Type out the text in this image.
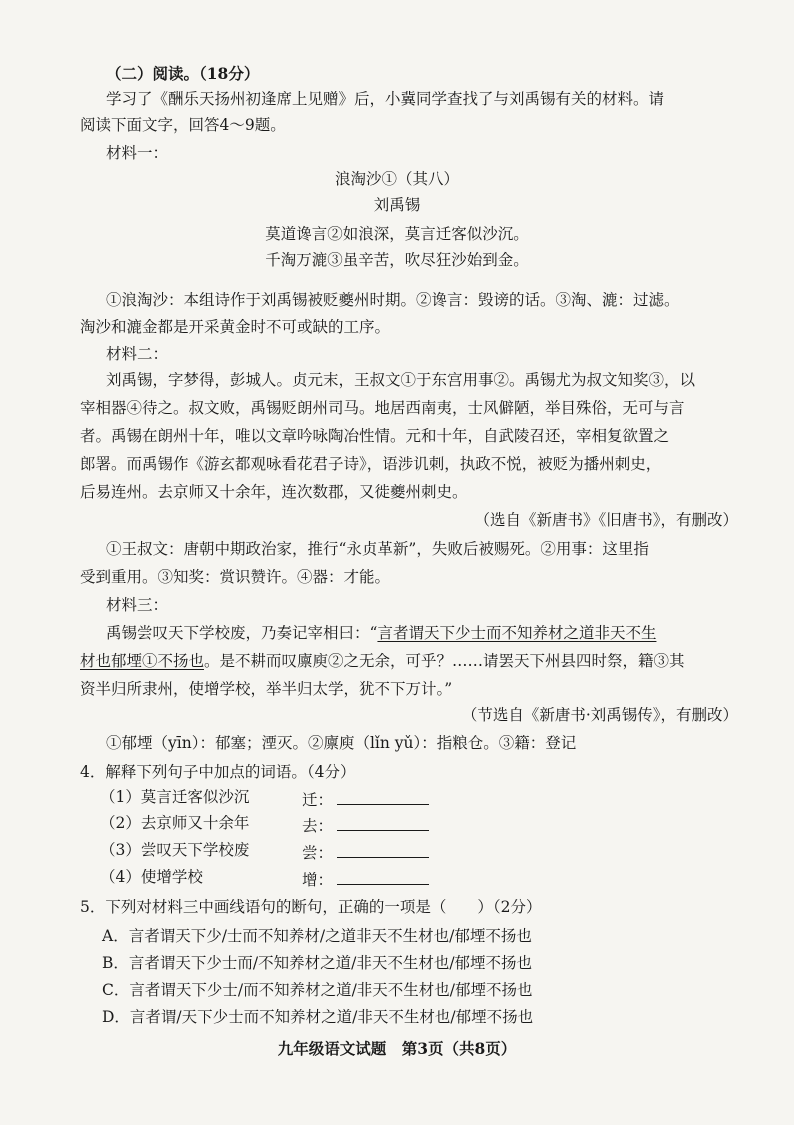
（二）阅读。（18分）
学习了《酬乐天扬州初逢席上见赠》后，小冀同学查找了与刘禹锡有关的材料。请
阅读下面文字，回答4～9题。
材料一：
浪淘沙①（其八）
刘禹锡
莫道谗言②如浪深，莫言迁客似沙沉。
千淘万漉③虽辛苦，吹尽狂沙始到金。
①浪淘沙：本组诗作于刘禹锡被贬夔州时期。②谗言：毁谤的话。③淘、漉：过滤。
淘沙和漉金都是开采黄金时不可或缺的工序。
材料二：
刘禹锡，字梦得，彭城人。贞元末，王叔文①于东宫用事②。禹锡尤为叔文知奖③，以
宰相器④待之。叔文败，禹锡贬朗州司马。地居西南夷，士风僻陋，举目殊俗，无可与言
者。禹锡在朗州十年，唯以文章吟咏陶冶性情。元和十年，自武陵召还，宰相复欲置之
郎署。而禹锡作《游玄都观咏看花君子诗》，语涉讥刺，执政不悦，被贬为播州刺史，
后易连州。去京师又十余年，连次数郡，又徙夔州刺史。
（选自《新唐书》《旧唐书》，有删改）
①王叔文：唐朝中期政治家，推行“永贞革新”，失败后被赐死。②用事：这里指
受到重用。③知奖：赏识赞许。④器：才能。
材料三：
禹锡尝叹天下学校废，乃奏记宰相曰：“言者谓天下少士而不知养材之道非天不生
材也郁堙①不扬也。是不耕而叹廪庾②之无余，可乎？……请罢天下州县四时祭，籍③其
资半归所隶州，使增学校，举半归太学，犹不下万计。”
（节选自《新唐书·刘禹锡传》，有删改）
①郁堙（yīn）：郁塞；湮灭。②廪庾（lǐn yǔ）：指粮仓。③籍：登记
4．解释下列句子中加点的词语。（4分）
（1）莫言迁客似沙沉	迁：
（2）去京师又十余年	去：
（3）尝叹天下学校废	尝：
（4）使增学校	增：
5．下列对材料三中画线语句的断句，正确的一项是（　　）（2分）
A．言者谓天下少/士而不知养材/之道非天不生材也/郁堙不扬也
B．言者谓天下少士而/不知养材之道/非天不生材也/郁堙不扬也
C．言者谓天下少士/而不知养材之道/非天不生材也/郁堙不扬也
D．言者谓/天下少士而不知养材之道/非天不生材也/郁堙不扬也
九年级语文试题　第3页（共8页）
